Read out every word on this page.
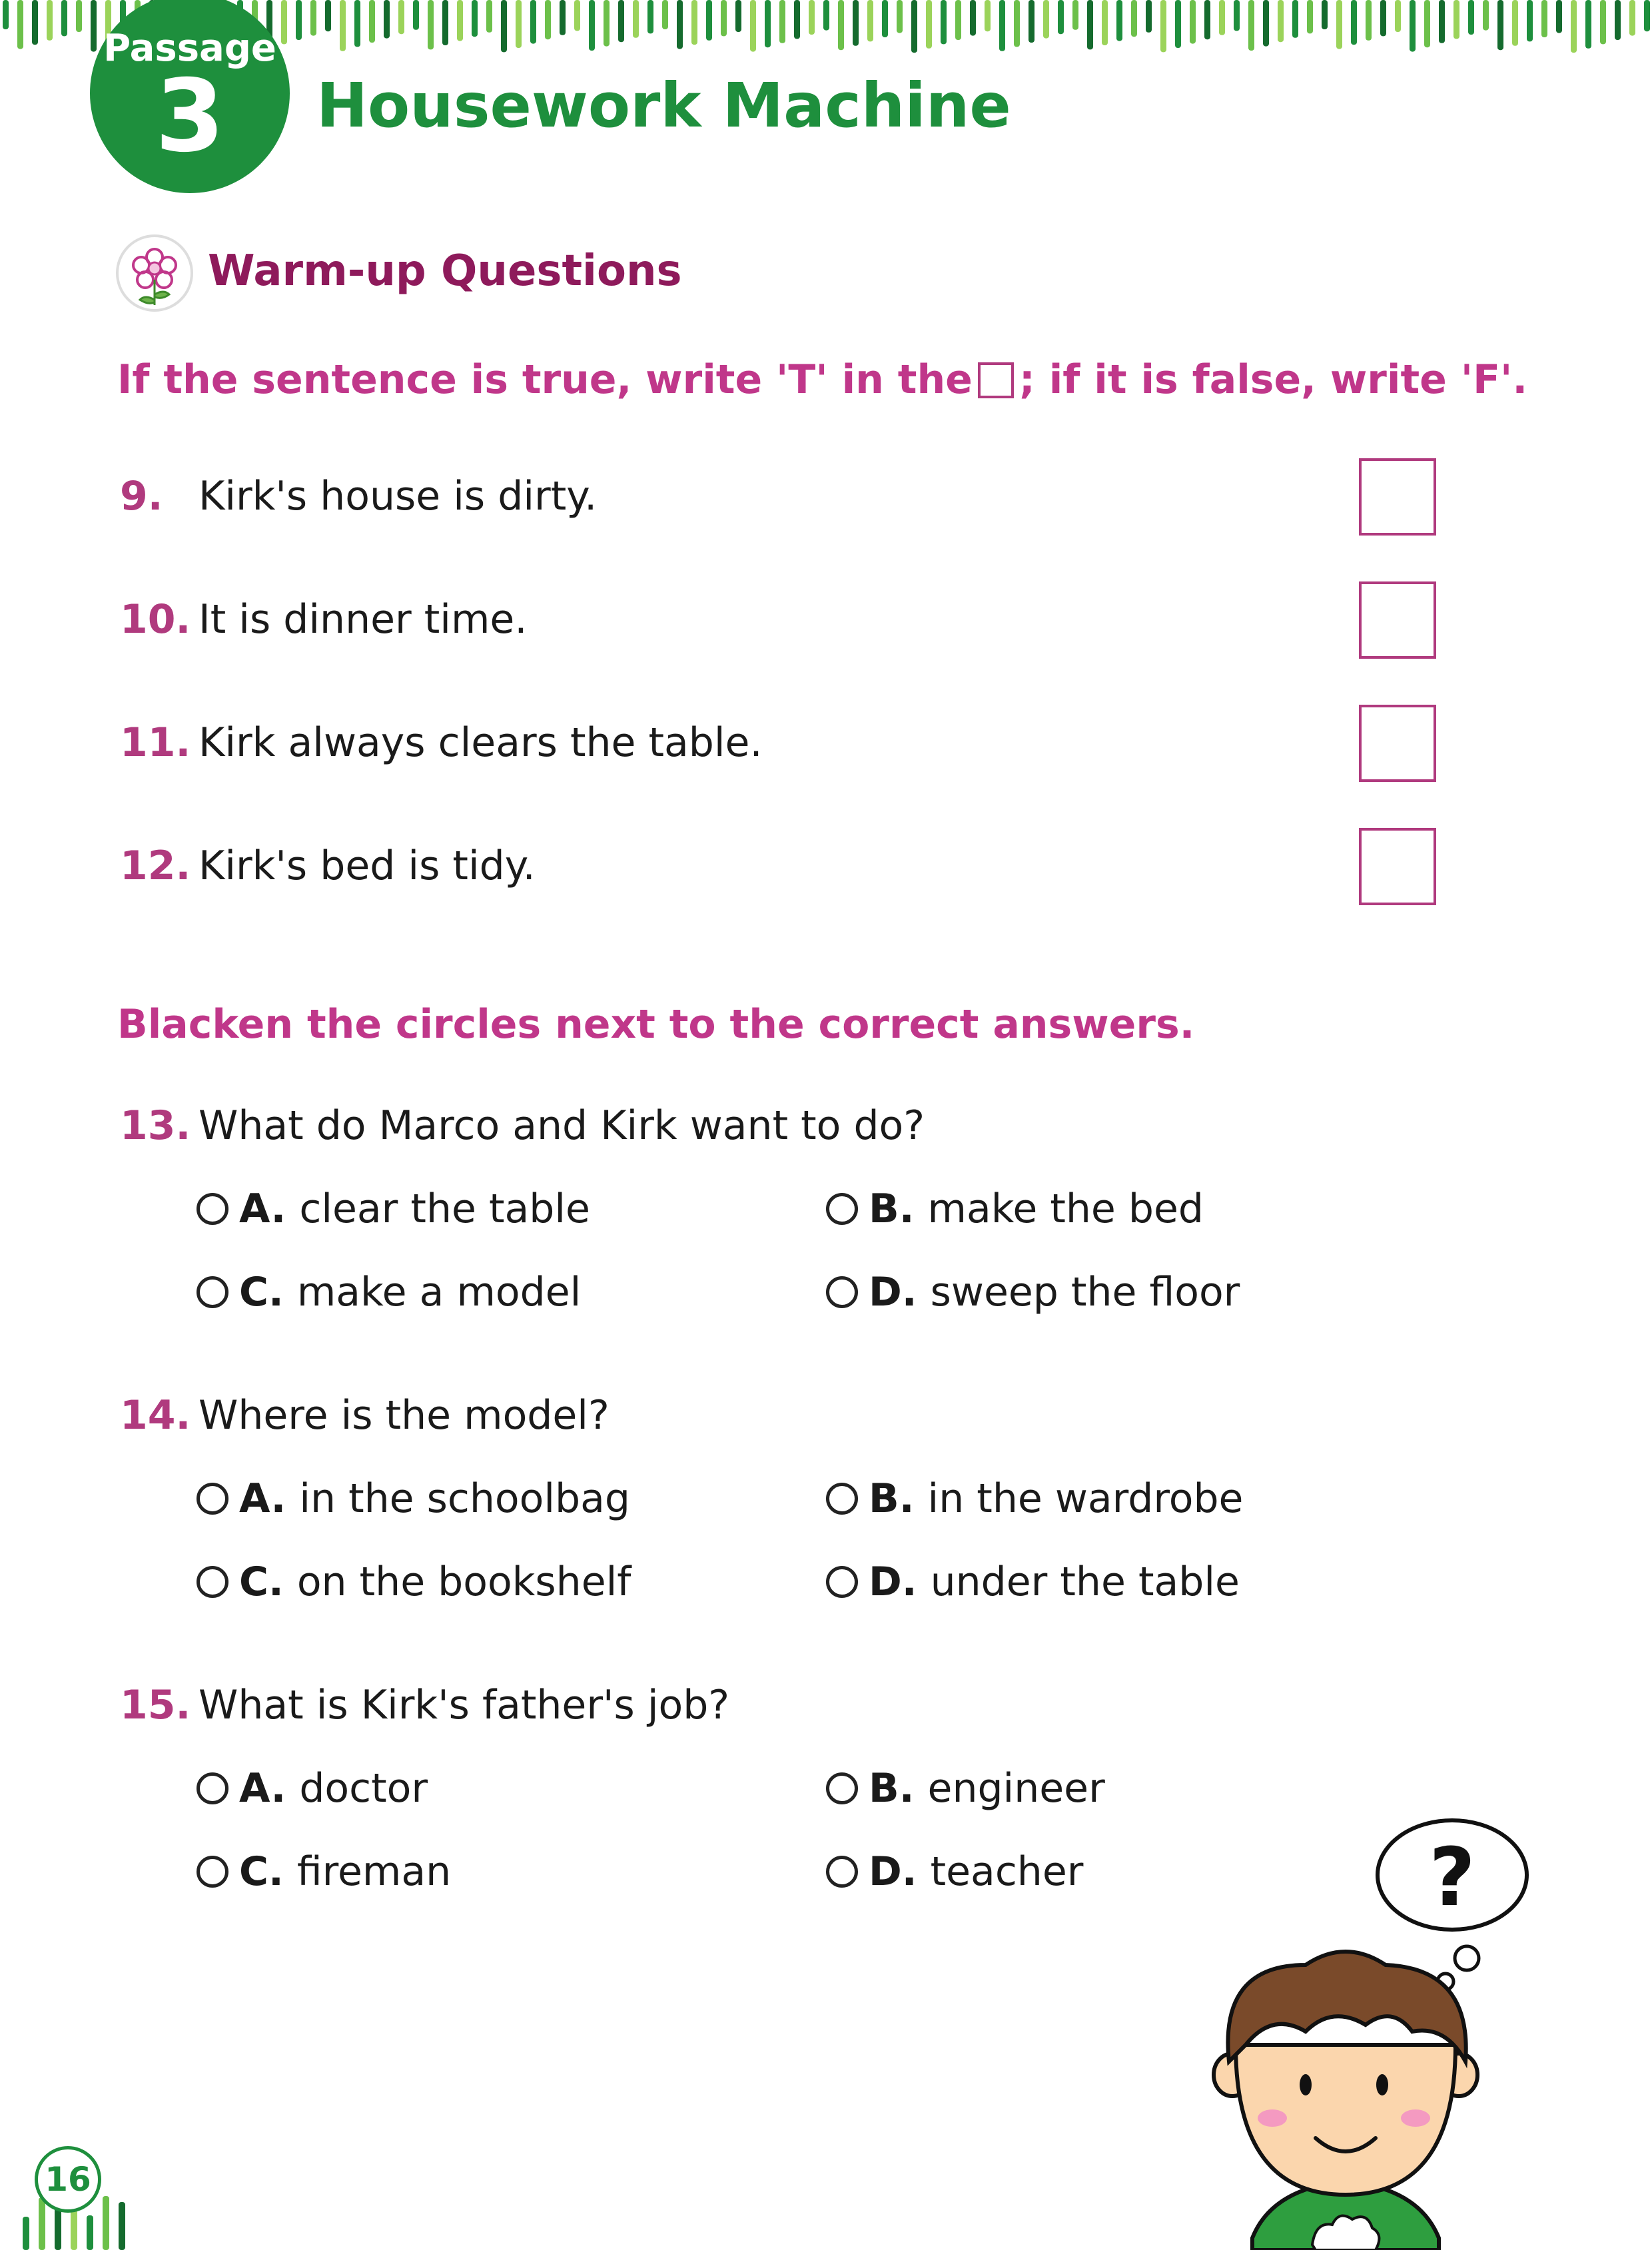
Passage
3	Housework Machine
Warm-up Questions
If the sentence is true, write 'T' in the ; if it is false, write 'F'.
9. Kirk's house is dirty.
10. It is dinner time.
11. Kirk always clears the table.
12. Kirk's bed is tidy.
Blacken the circles next to the correct answers.
13. What do Marco and Kirk want to do?
A. clear the table	B. make the bed
C. make a model	D. sweep the floor
14. Where is the model?
A. in the schoolbag	B. in the wardrobe
C. on the bookshelf	D. under the table
15. What is Kirk's father's job?
A. doctor	B. engineer
C. fireman	D. teacher	?
16
